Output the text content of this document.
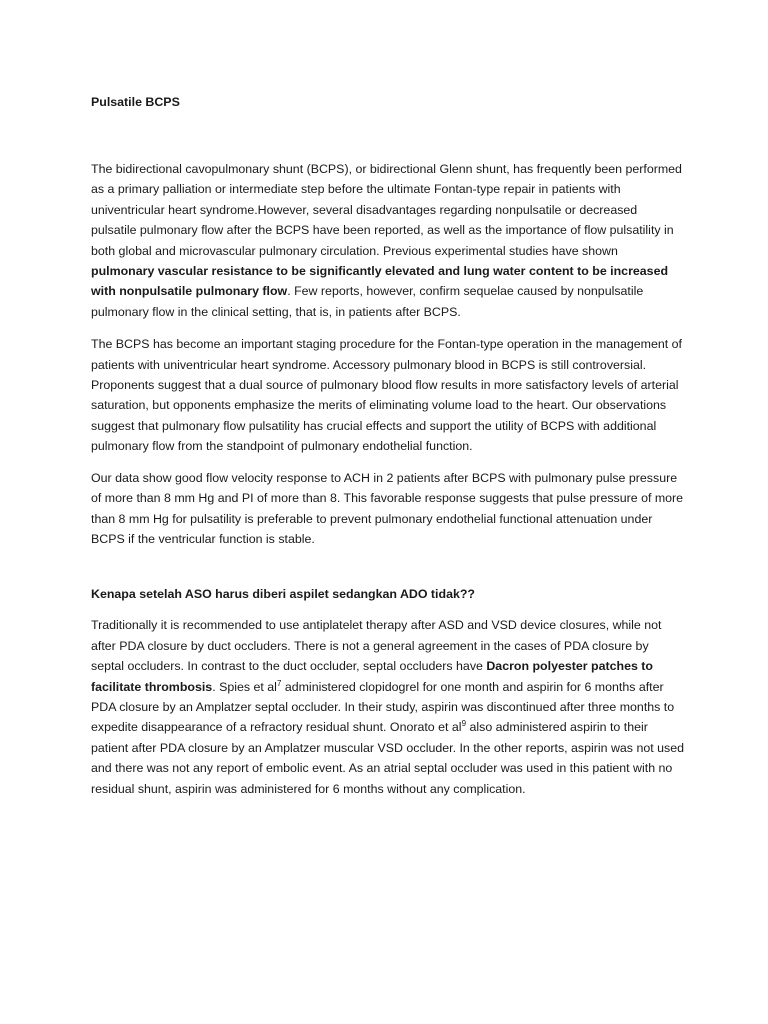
Pulsatile BCPS

The bidirectional cavopulmonary shunt (BCPS), or bidirectional Glenn shunt, has frequently been performed as a primary palliation or intermediate step before the ultimate Fontan-type repair in patients with univentricular heart syndrome.However, several disadvantages regarding nonpulsatile or decreased pulsatile pulmonary flow after the BCPS have been reported, as well as the importance of flow pulsatility in both global and microvascular pulmonary circulation. Previous experimental studies have shown pulmonary vascular resistance to be significantly elevated and lung water content to be increased with nonpulsatile pulmonary flow. Few reports, however, confirm sequelae caused by nonpulsatile pulmonary flow in the clinical setting, that is, in patients after BCPS.

The BCPS has become an important staging procedure for the Fontan-type operation in the management of patients with univentricular heart syndrome. Accessory pulmonary blood in BCPS is still controversial. Proponents suggest that a dual source of pulmonary blood flow results in more satisfactory levels of arterial saturation, but opponents emphasize the merits of eliminating volume load to the heart. Our observations suggest that pulmonary flow pulsatility has crucial effects and support the utility of BCPS with additional pulmonary flow from the standpoint of pulmonary endothelial function.

Our data show good flow velocity response to ACH in 2 patients after BCPS with pulmonary pulse pressure of more than 8 mm Hg and PI of more than 8. This favorable response suggests that pulse pressure of more than 8 mm Hg for pulsatility is preferable to prevent pulmonary endothelial functional attenuation under BCPS if the ventricular function is stable.

Kenapa setelah ASO harus diberi aspilet sedangkan ADO tidak??

Traditionally it is recommended to use antiplatelet therapy after ASD and VSD device closures, while not after PDA closure by duct occluders. There is not a general agreement in the cases of PDA closure by septal occluders. In contrast to the duct occluder, septal occluders have Dacron polyester patches to facilitate thrombosis. Spies et $al^7$ administered clopidogrel for one month and aspirin for 6 months after PDA closure by an Amplatzer septal occluder. In their study, aspirin was discontinued after three months to expedite disappearance of a refractory residual shunt. Onorato et $al^9$ also administered aspirin to their patient after PDA closure by an Amplatzer muscular VSD occluder. In the other reports, aspirin was not used and there was not any report of embolic event. As an atrial septal occluder was used in this patient with no residual shunt, aspirin was administered for 6 months without any complication.
